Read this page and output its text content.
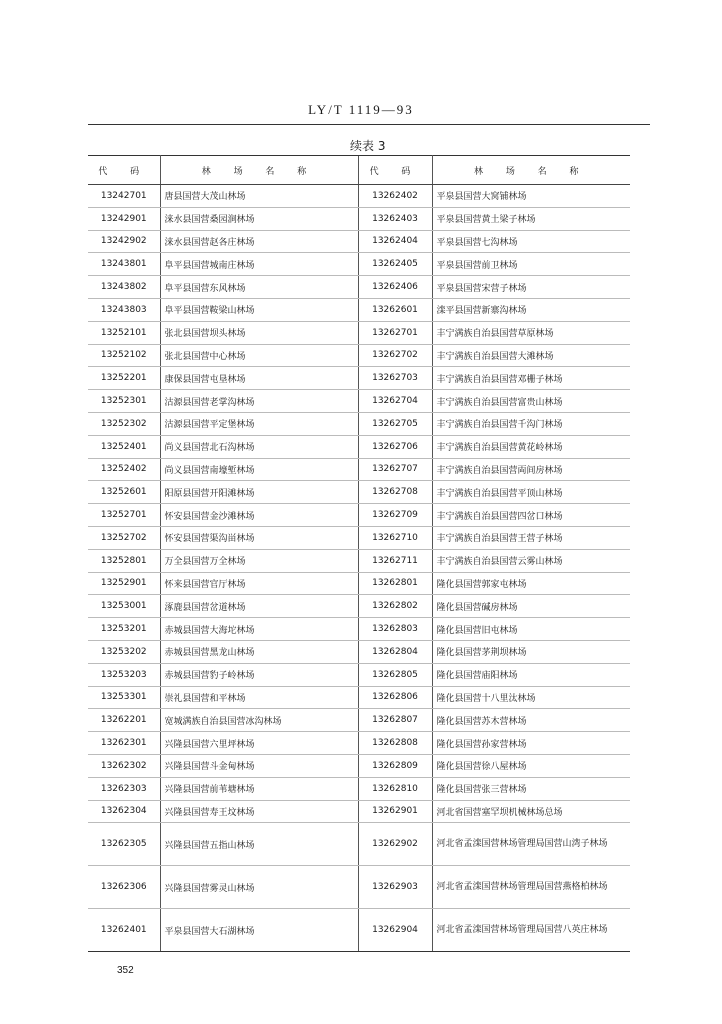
LY/T 1119—93
续表 3
代 码	林 场 名 称	代 码	林 场 名 称
13242701	唐县国营大茂山林场	13262402	平泉县国营大窝铺林场
13242901	涞水县国营桑园涧林场	13262403	平泉县国营黄土梁子林场
13242902	涞水县国营赵各庄林场	13262404	平泉县国营七沟林场
13243801	阜平县国营城南庄林场	13262405	平泉县国营前卫林场
13243802	阜平县国营东风林场	13262406	平泉县国营宋营子林场
13243803	阜平县国营鞍梁山林场	13262601	滦平县国营新寨沟林场
13252101	张北县国营坝头林场	13262701	丰宁满族自治县国营草原林场
13252102	张北县国营中心林场	13262702	丰宁满族自治县国营大滩林场
13252201	康保县国营屯垦林场	13262703	丰宁满族自治县国营邓栅子林场
13252301	沽源县国营老掌沟林场	13262704	丰宁满族自治县国营富贵山林场
13252302	沽源县国营平定堡林场	13262705	丰宁满族自治县国营千沟门林场
13252401	尚义县国营北石沟林场	13262706	丰宁满族自治县国营黄花岭林场
13252402	尚义县国营南壕堑林场	13262707	丰宁满族自治县国营両间房林场
13252601	阳原县国营开阳滩林场	13262708	丰宁满族自治县国营平顶山林场
13252701	怀安县国营金沙滩林场	13262709	丰宁满族自治县国营四岔口林场
13252702	怀安县国营渠沟畄林场	13262710	丰宁满族自治县国营王营子林场
13252801	万全县国营万全林场	13262711	丰宁满族自治县国营云雾山林场
13252901	怀来县国营官厅林场	13262801	隆化县国营郭家屯林场
13253001	涿鹿县国营岔道林场	13262802	隆化县国营碱房林场
13253201	赤城县国营大海坨林场	13262803	隆化县国营旧屯林场
13253202	赤城县国营黑龙山林场	13262804	隆化县国营茅荆坝林场
13253203	赤城县国营豹子岭林场	13262805	隆化县国营庙阳林场
13253301	崇礼县国营和平林场	13262806	隆化县国营十八里汰林场
13262201	宽城满族自治县国营冰沟林场	13262807	隆化县国营苏木营林场
13262301	兴隆县国营六里坪林场	13262808	隆化县国营孙家营林场
13262302	兴隆县国营斗金甸林场	13262809	隆化县国营徐八屋林场
13262303	兴隆县国营前苇塘林场	13262810	隆化县国营张三营林场
13262304	兴隆县国营寿王坟林场	13262901	河北省国营塞罕坝机械林场总场
13262305	兴隆县国营五指山林场	13262902	河北省孟滦国营林场管理局国营山湾子林场
13262306	兴隆县国营雾灵山林场	13262903	河北省孟滦国营林场管理局国营燕格柏林场
13262401	平泉县国营大石湖林场	13262904	河北省孟滦国营林场管理局国营八英庄林场
352
